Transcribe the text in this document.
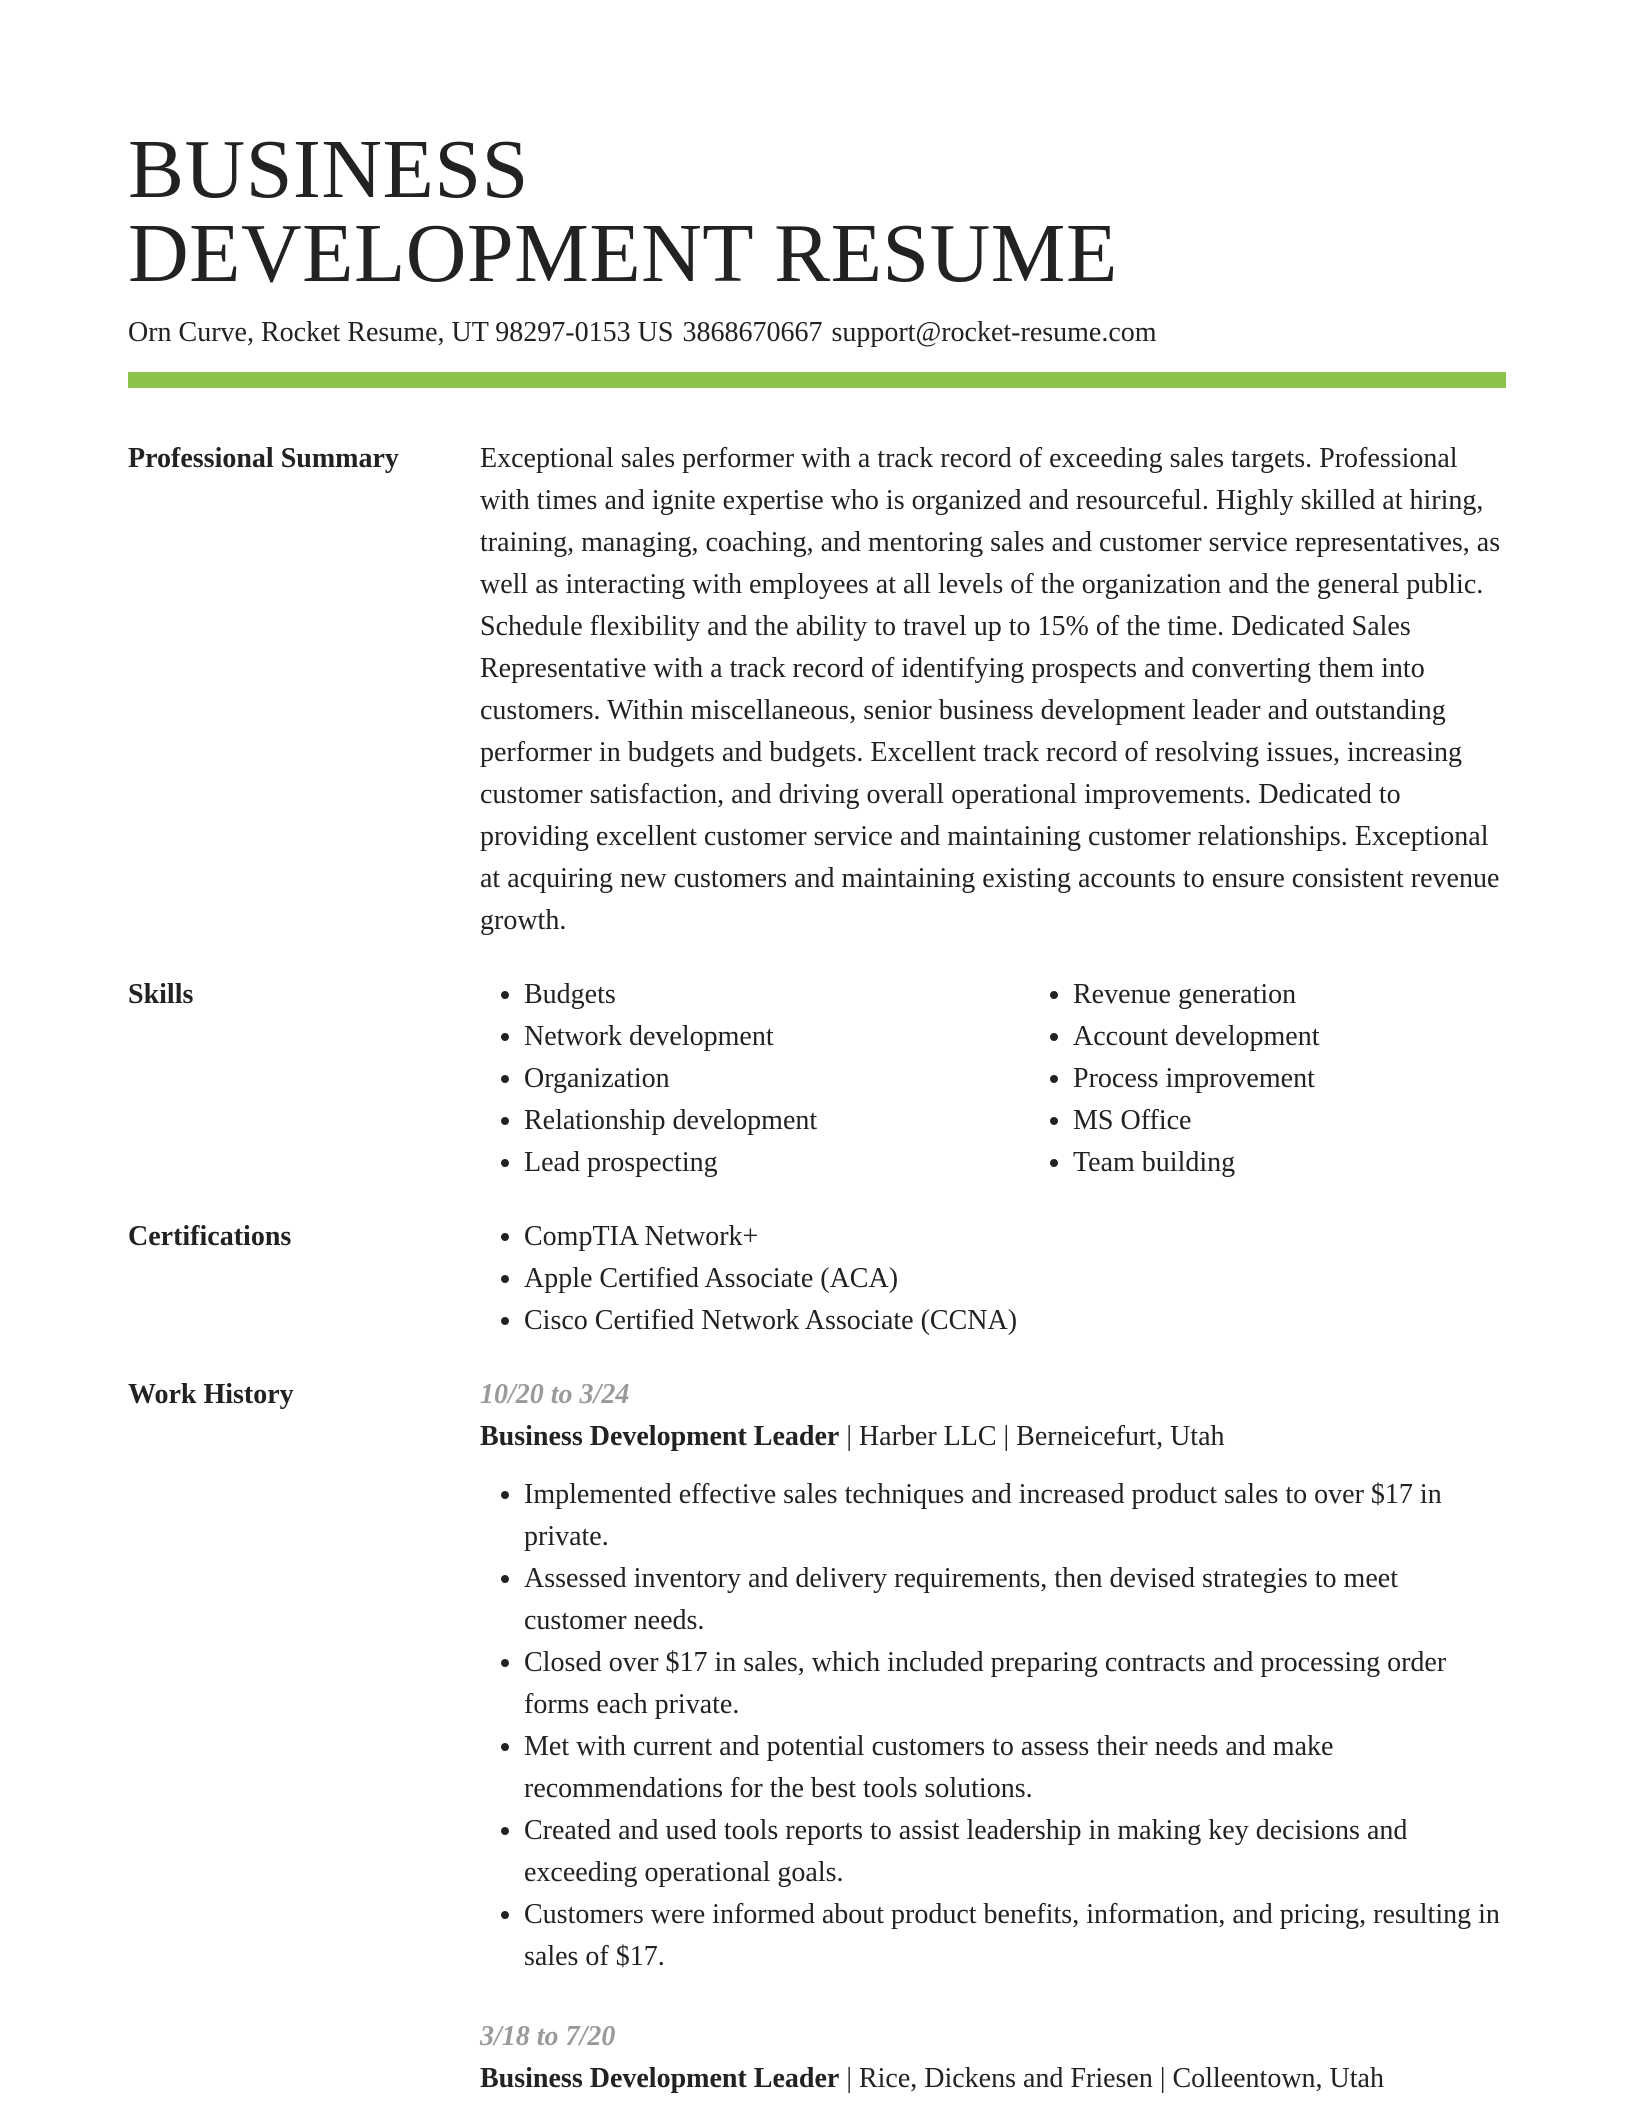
BUSINESS
DEVELOPMENT RESUME
Orn Curve, Rocket Resume, UT 98297-0153 US 3868670667 support@rocket-resume.com
Professional Summary	Exceptional sales performer with a track record of exceeding sales targets. Professional with times and ignite expertise who is organized and resourceful. Highly skilled at hiring, training, managing, coaching, and mentoring sales and customer service representatives, as well as interacting with employees at all levels of the organization and the general public. Schedule flexibility and the ability to travel up to 15% of the time. Dedicated Sales Representative with a track record of identifying prospects and converting them into customers. Within miscellaneous, senior business development leader and outstanding performer in budgets and budgets. Excellent track record of resolving issues, increasing customer satisfaction, and driving overall operational improvements. Dedicated to providing excellent customer service and maintaining customer relationships. Exceptional at acquiring new customers and maintaining existing accounts to ensure consistent revenue growth.
Skills	• Budgets
• Network development
• Organization
• Relationship development
• Lead prospecting
• Revenue generation
• Account development
• Process improvement
• MS Office
• Team building
Certifications	• CompTIA Network+
• Apple Certified Associate (ACA)
• Cisco Certified Network Associate (CCNA)
Work History	10/20 to 3/24
Business Development Leader | Harber LLC | Berneicefurt, Utah
• Implemented effective sales techniques and increased product sales to over $17 in private.
• Assessed inventory and delivery requirements, then devised strategies to meet customer needs.
• Closed over $17 in sales, which included preparing contracts and processing order forms each private.
• Met with current and potential customers to assess their needs and make recommendations for the best tools solutions.
• Created and used tools reports to assist leadership in making key decisions and exceeding operational goals.
• Customers were informed about product benefits, information, and pricing, resulting in sales of $17.
3/18 to 7/20
Business Development Leader | Rice, Dickens and Friesen | Colleentown, Utah
